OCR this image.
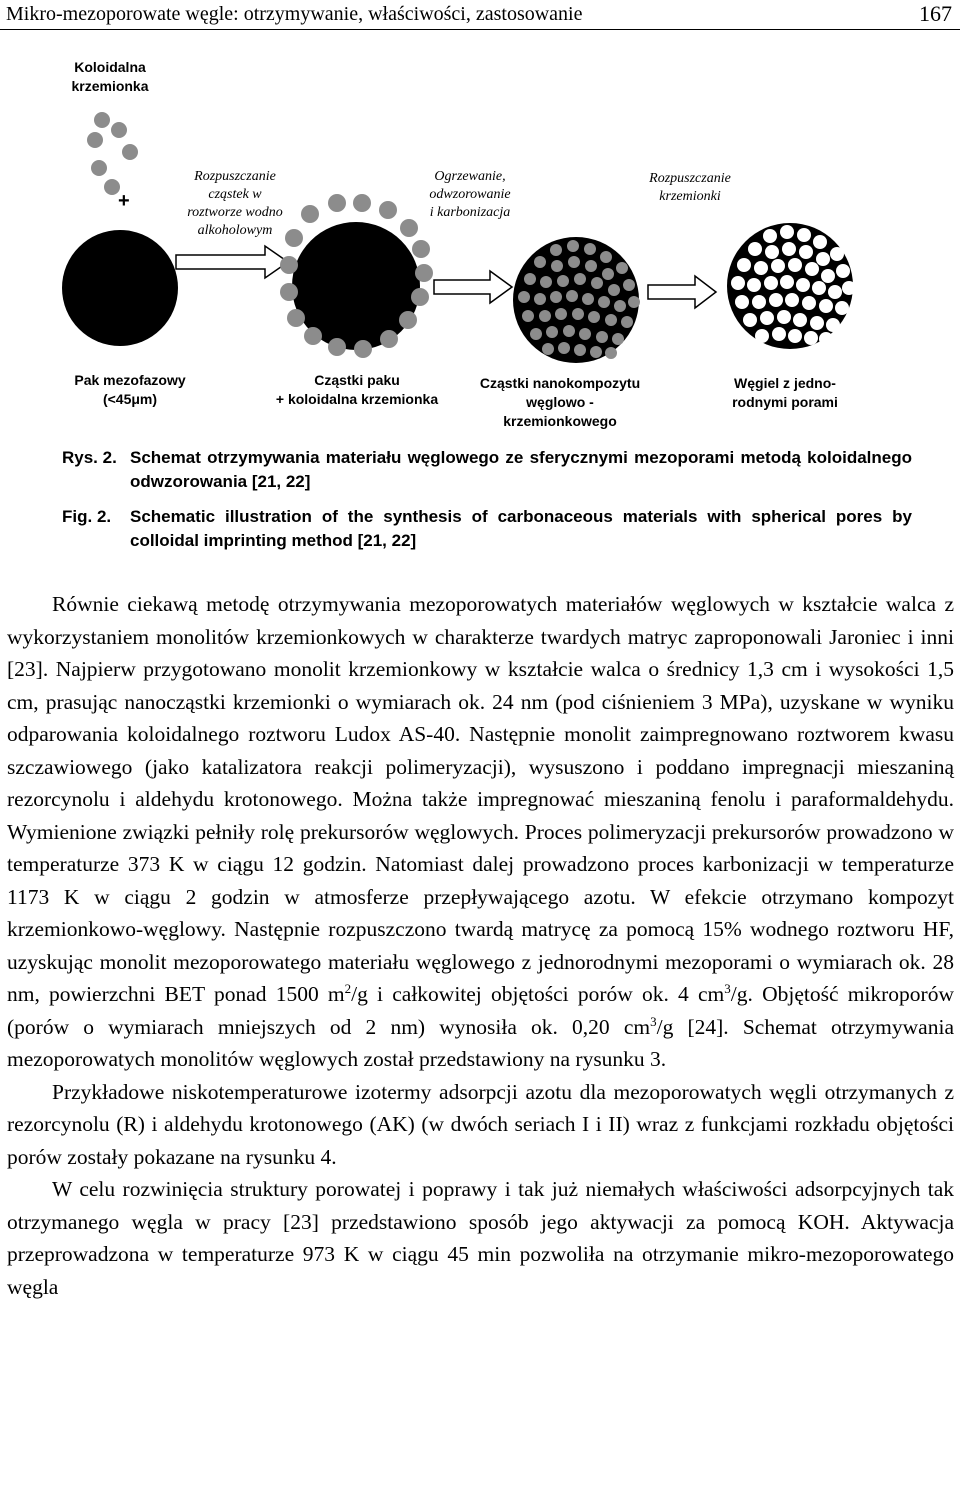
Mikro-mezoporowate węgle: otrzymywanie, właściwości, zastosowanie	167
Koloidalna
krzemionka
+
Rozpuszczanie
cząstek w
roztworze wodno
alkoholowym
Ogrzewanie,
odwzorowanie
i karbonizacja
Rozpuszczanie
krzemionki
Pak mezofazowy
(<45μm)
Cząstki paku
+ koloidalna krzemionka
Cząstki nanokompozytu
węglowo -
krzemionkowego
Węgiel z jedno-
rodnymi porami
Rys. 2. Schemat otrzymywania materiału węglowego ze sferycznymi mezoporami metodą koloidalnego odwzorowania [21, 22]
Fig. 2. Schematic illustration of the synthesis of carbonaceous materials with spherical pores by colloidal imprinting method [21, 22]

Równie ciekawą metodę otrzymywania mezoporowatych materiałów węglowych w kształcie walca z wykorzystaniem monolitów krzemionkowych w charakterze twardych matryc zaproponowali Jaroniec i inni [23]. Najpierw przygotowano monolit krzemionkowy w kształcie walca o średnicy 1,3 cm i wysokości 1,5 cm, prasując nanocząstki krzemionki o wymiarach ok. 24 nm (pod ciśnieniem 3 MPa), uzyskane w wyniku odparowania koloidalnego roztworu Ludox AS-40. Następnie monolit zaimpregnowano roztworem kwasu szczawiowego (jako katalizatora reakcji polimeryzacji), wysuszono i poddano impregnacji mieszaniną rezorcynolu i aldehydu krotonowego. Można także impregnować mieszaniną fenolu i paraformaldehydu. Wymienione związki pełniły rolę prekursorów węglowych. Proces polimeryzacji prekursorów prowadzono w temperaturze 373 K w ciągu 12 godzin. Natomiast dalej prowadzono proces karbonizacji w temperaturze 1173 K w ciągu 2 godzin w atmosferze przepływającego azotu. W efekcie otrzymano kompozyt krzemionkowo-węglowy. Następnie rozpuszczono twardą matrycę za pomocą 15% wodnego roztworu HF, uzyskując monolit mezoporowatego materiału węglowego z jednorodnymi mezoporami o wymiarach ok. 28 nm, powierzchni BET ponad 1500 $m^2/g$ i całkowitej objętości porów ok. 4 $cm^3/g$. Objętość mikroporów (porów o wymiarach mniejszych od 2 nm) wynosiła ok. 0,20 $cm^3/g$ [24]. Schemat otrzymywania mezoporowatych monolitów węglowych został przedstawiony na rysunku 3.

Przykładowe niskotemperaturowe izotermy adsorpcji azotu dla mezoporowatych węgli otrzymanych z rezorcynolu (R) i aldehydu krotonowego (AK) (w dwóch seriach I i II) wraz z funkcjami rozkładu objętości porów zostały pokazane na rysunku 4.

W celu rozwinięcia struktury porowatej i poprawy i tak już niemałych właściwości adsorpcyjnych tak otrzymanego węgla w pracy [23] przedstawiono sposób jego aktywacji za pomocą KOH. Aktywacja przeprowadzona w temperaturze 973 K w ciągu 45 min pozwoliła na otrzymanie mikro-mezoporowatego węgla
